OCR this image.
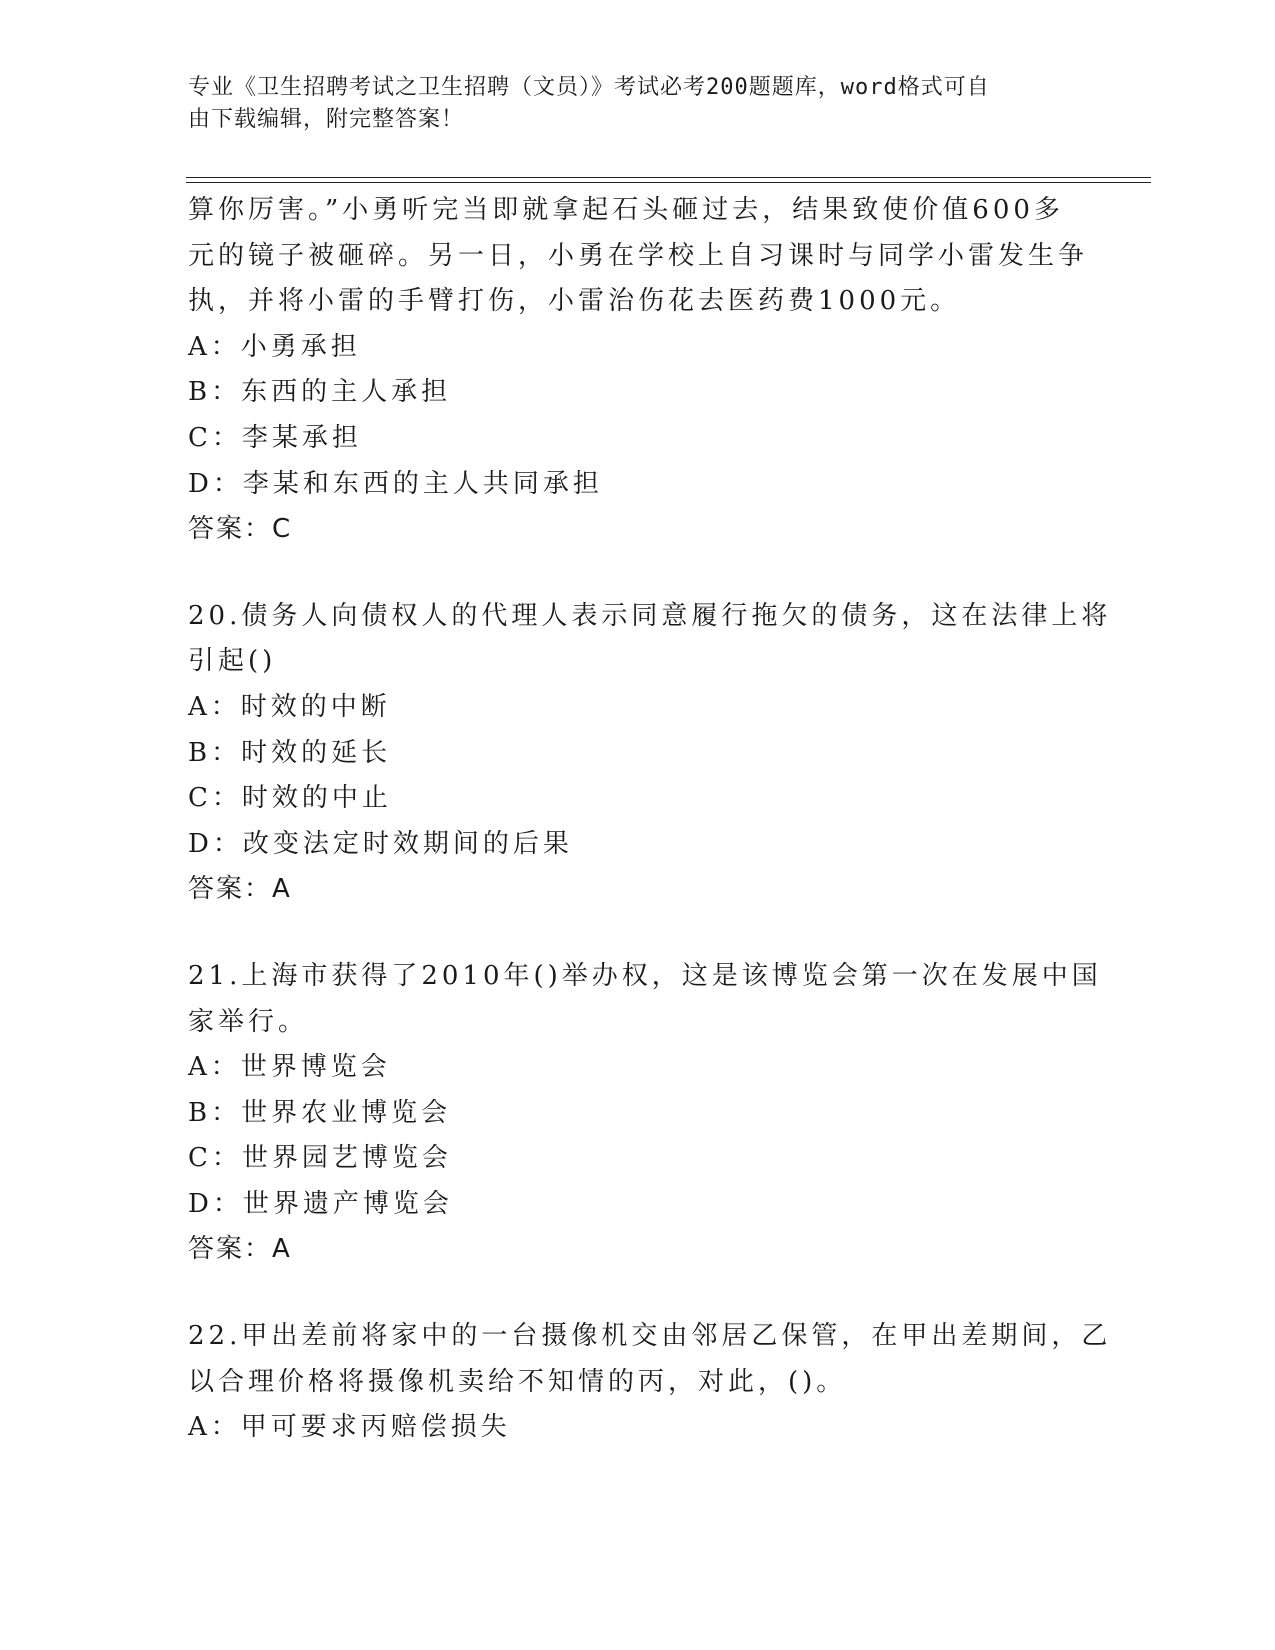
专业《卫生招聘考试之卫生招聘（文员）》考试必考200题题库，word格式可自
由下载编辑，附完整答案！
算你厉害。”小勇听完当即就拿起石头砸过去，结果致使价值600多
元的镜子被砸碎。另一日，小勇在学校上自习课时与同学小雷发生争
执，并将小雷的手臂打伤，小雷治伤花去医药费1000元。
A：小勇承担
B：东西的主人承担
C：李某承担
D：李某和东西的主人共同承担
答案：C
20.债务人向债权人的代理人表示同意履行拖欠的债务，这在法律上将
引起()
A：时效的中断
B：时效的延长
C：时效的中止
D：改变法定时效期间的后果
答案：A
21.上海市获得了2010年()举办权，这是该博览会第一次在发展中国
家举行。
A：世界博览会
B：世界农业博览会
C：世界园艺博览会
D：世界遗产博览会
答案：A
22.甲出差前将家中的一台摄像机交由邻居乙保管，在甲出差期间，乙
以合理价格将摄像机卖给不知情的丙，对此，()。
A：甲可要求丙赔偿损失
